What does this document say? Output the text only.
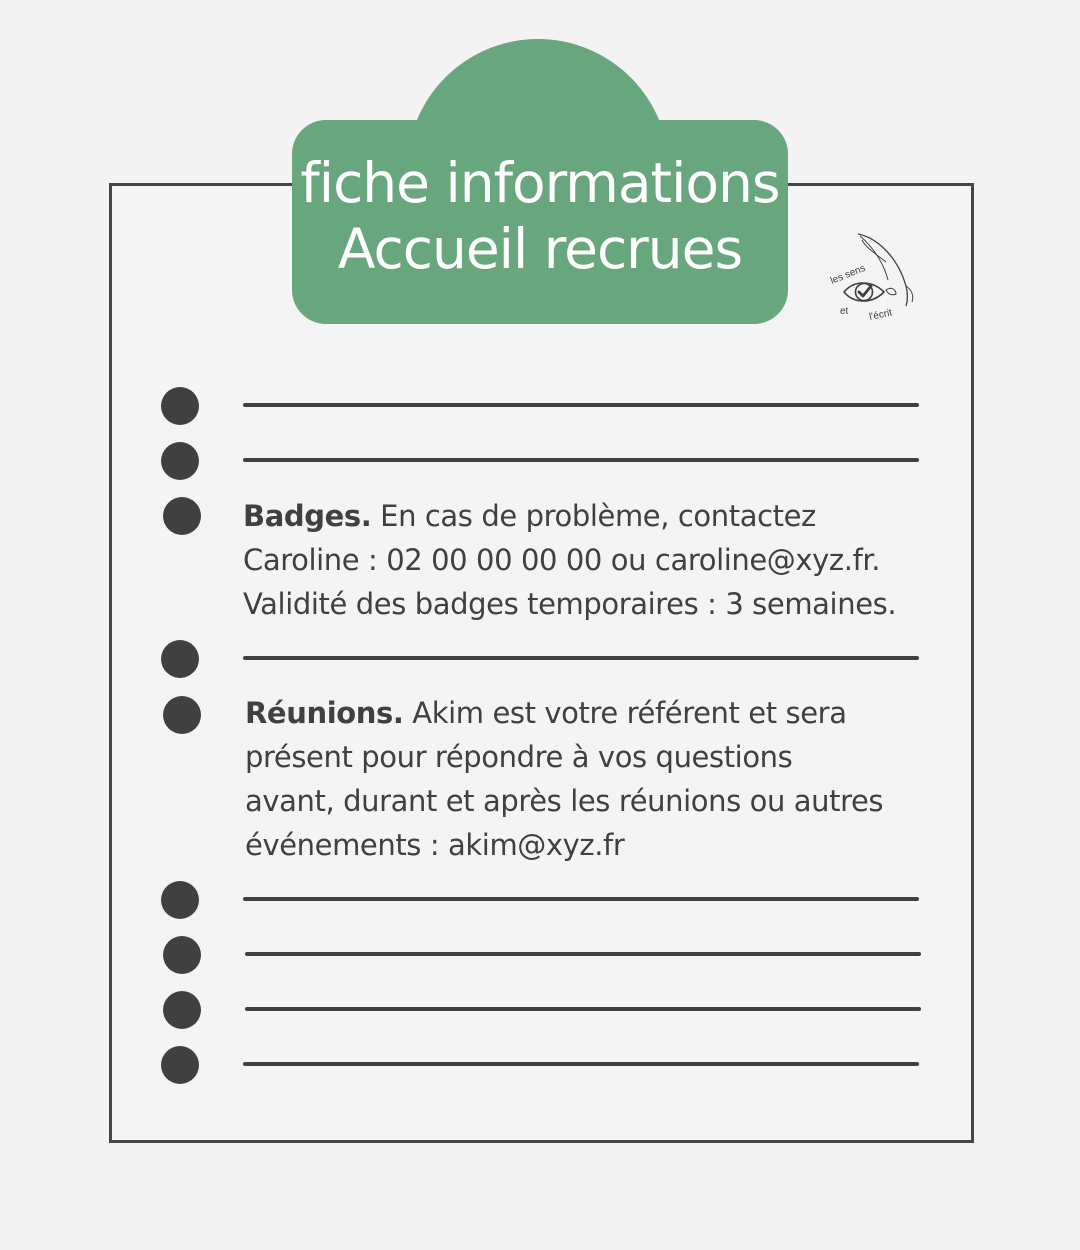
fiche informations
Accueil recrues	les sens
et l'écrit
Badges. En cas de problème, contactez
Caroline : 02 00 00 00 00 ou caroline@xyz.fr.
Validité des badges temporaires : 3 semaines.
Réunions. Akim est votre référent et sera
présent pour répondre à vos questions
avant, durant et après les réunions ou autres
événements : akim@xyz.fr
